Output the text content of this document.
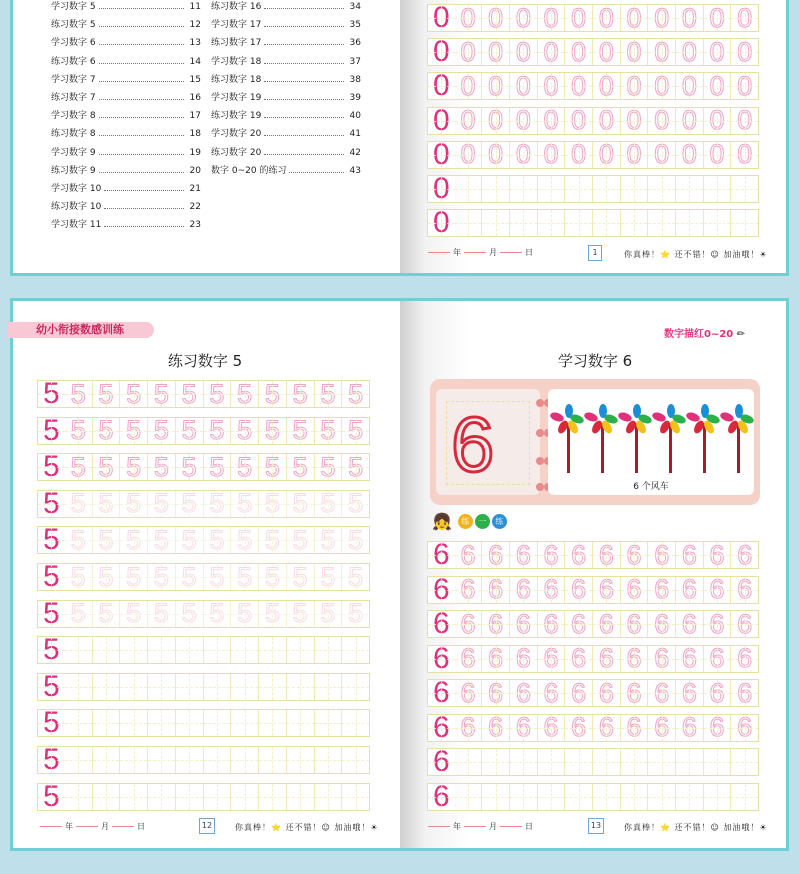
学习数字 5	11
练习数字 5	12
学习数字 6	13
练习数字 6	14
学习数字 7	15
练习数字 7	16
学习数字 8	17
练习数字 8	18
学习数字 9	19
练习数字 9	20
学习数字 10	21
练习数字 10	22
学习数字 11	23
练习数字 16	34
学习数字 17	35
练习数字 17	36
学习数字 18	37
练习数字 18	38
学习数字 19	39
练习数字 19	40
学习数字 20	41
练习数字 20	42
数字 0~20 的练习	43
年	月	日	1	你真棒！⭐ 还不错！☺ 加油哦！☀
0 0 0 0 0 0 0 0 0 0 0 0
0 0 0 0 0 0 0 0 0 0 0 0
0 0 0 0 0 0 0 0 0 0 0 0
0 0 0 0 0 0 0 0 0 0 0 0
0 0 0 0 0 0 0 0 0 0 0 0
0
0
幼小衔接数感训练
练习数字 5
5 5 5 5 5 5 5 5 5 5 5 5
5 5 5 5 5 5 5 5 5 5 5 5
5 5 5 5 5 5 5 5 5 5 5 5
5 5 5 5 5 5 5 5 5 5 5 5
5 5 5 5 5 5 5 5 5 5 5 5
5 5 5 5 5 5 5 5 5 5 5 5
5 5 5 5 5 5 5 5 5 5 5 5
5
5
5
5
5
年	月	日	12	你真棒！⭐ 还不错！☺ 加油哦！☀
数字描红0~20 ✏
学习数字 6
6	6 个风车
👧	练	一	练
6 6 6 6 6 6 6 6 6 6 6 6
6 6 6 6 6 6 6 6 6 6 6 6
6 6 6 6 6 6 6 6 6 6 6 6
6 6 6 6 6 6 6 6 6 6 6 6
6 6 6 6 6 6 6 6 6 6 6 6
6 6 6 6 6 6 6 6 6 6 6 6
6
6
年	月	日	13	你真棒！⭐ 还不错！☺ 加油哦！☀
